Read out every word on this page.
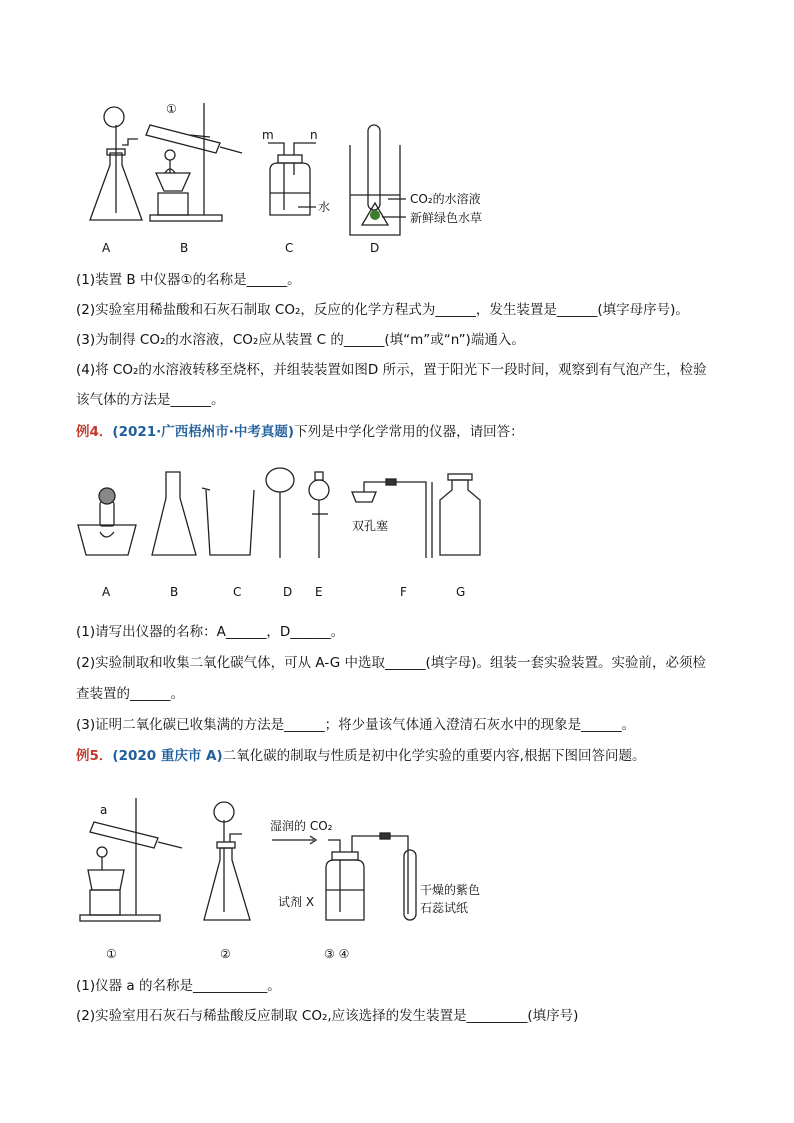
A	B	C	D
①
m	n
水
CO₂的水溶液
新鲜绿色水草
(1)装置 B 中仪器①的名称是______。
(2)实验室用稀盐酸和石灰石制取 CO₂，反应的化学方程式为______，发生装置是______(填字母序号)。
(3)为制得 CO₂的水溶液，CO₂应从装置 C 的______(填“m”或“n”)端通入。
(4)将 CO₂的水溶液转移至烧杯，并组装装置如图D 所示，置于阳光下一段时间，观察到有气泡产生，检验
该气体的方法是______。
例4．(2021·广西梧州市·中考真题)下列是中学化学常用的仪器，请回答：
A	B	C	D E	F	G
双孔塞
(1)请写出仪器的名称：A______，D______。
(2)实验制取和收集二氧化碳气体，可从 A-G 中选取______(填字母)。组装一套实验装置。实验前，必须检
查装置的______。
(3)证明二氧化碳已收集满的方法是______；将少量该气体通入澄清石灰水中的现象是______。
例5．(2020 重庆市 A)二氧化碳的制取与性质是初中化学实验的重要内容,根据下图回答问题。
a
湿润的 CO₂
试剂 X
干燥的紫色
石蕊试纸
①	②	③ ④
(1)仪器 a 的名称是___________。
(2)实验室用石灰石与稀盐酸反应制取 CO₂,应该选择的发生装置是_________(填序号)
